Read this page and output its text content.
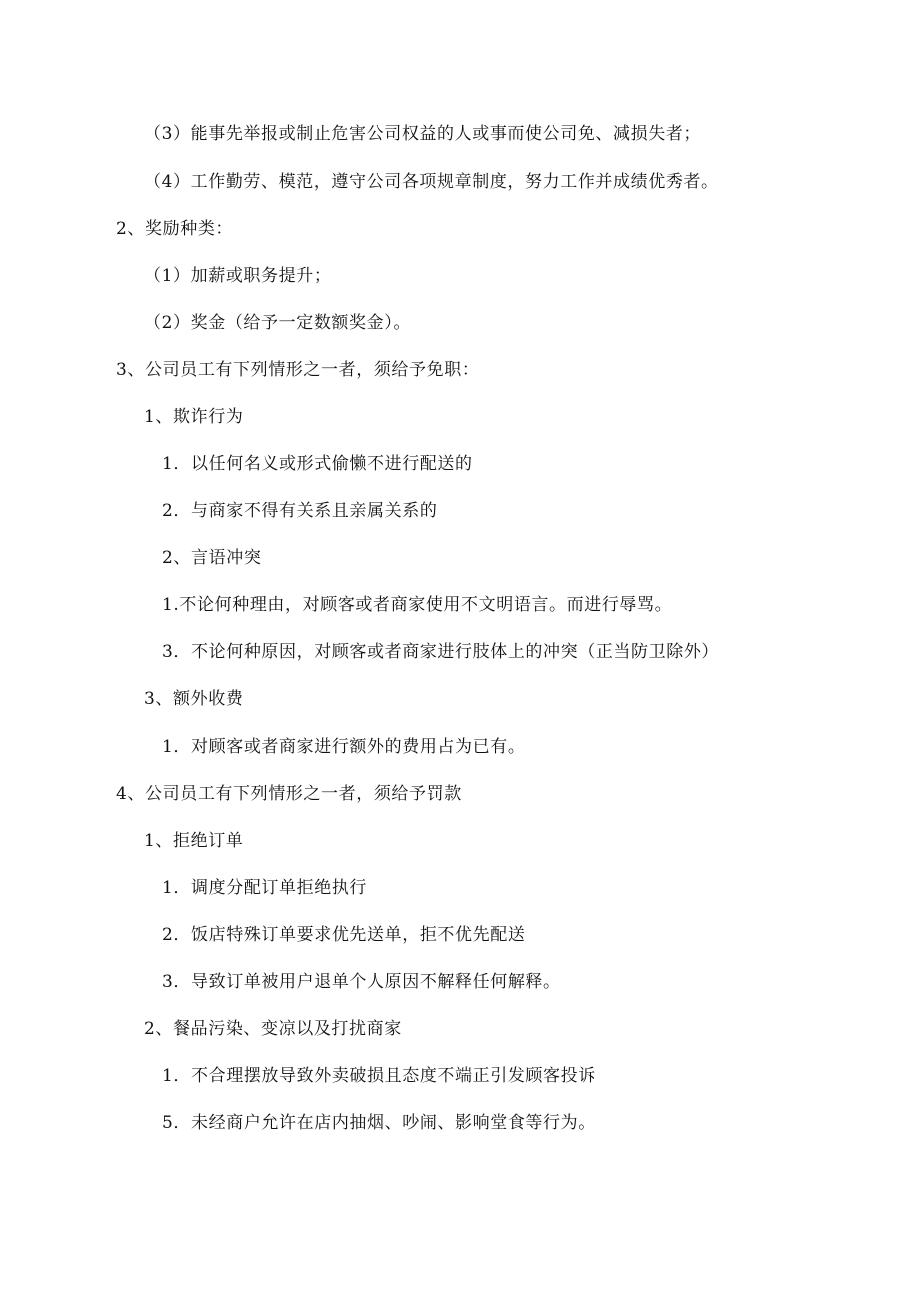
（3）能事先举报或制止危害公司权益的人或事而使公司免、减损失者；
（4）工作勤劳、模范，遵守公司各项规章制度，努力工作并成绩优秀者。
2、奖励种类：
（1）加薪或职务提升；
（2）奖金（给予一定数额奖金）。
3、公司员工有下列情形之一者，须给予免职：
1、欺诈行为
1．以任何名义或形式偷懒不进行配送的
2．与商家不得有关系且亲属关系的
2、言语冲突
1.不论何种理由，对顾客或者商家使用不文明语言。而进行辱骂。
3．不论何种原因，对顾客或者商家进行肢体上的冲突（正当防卫除外）
3、额外收费
1．对顾客或者商家进行额外的费用占为已有。
4、公司员工有下列情形之一者，须给予罚款
1、拒绝订单
1．调度分配订单拒绝执行
2．饭店特殊订单要求优先送单，拒不优先配送
3．导致订单被用户退单个人原因不解释任何解释。
2、餐品污染、变凉以及打扰商家
1．不合理摆放导致外卖破损且态度不端正引发顾客投诉
5．未经商户允许在店内抽烟、吵闹、影响堂食等行为。
